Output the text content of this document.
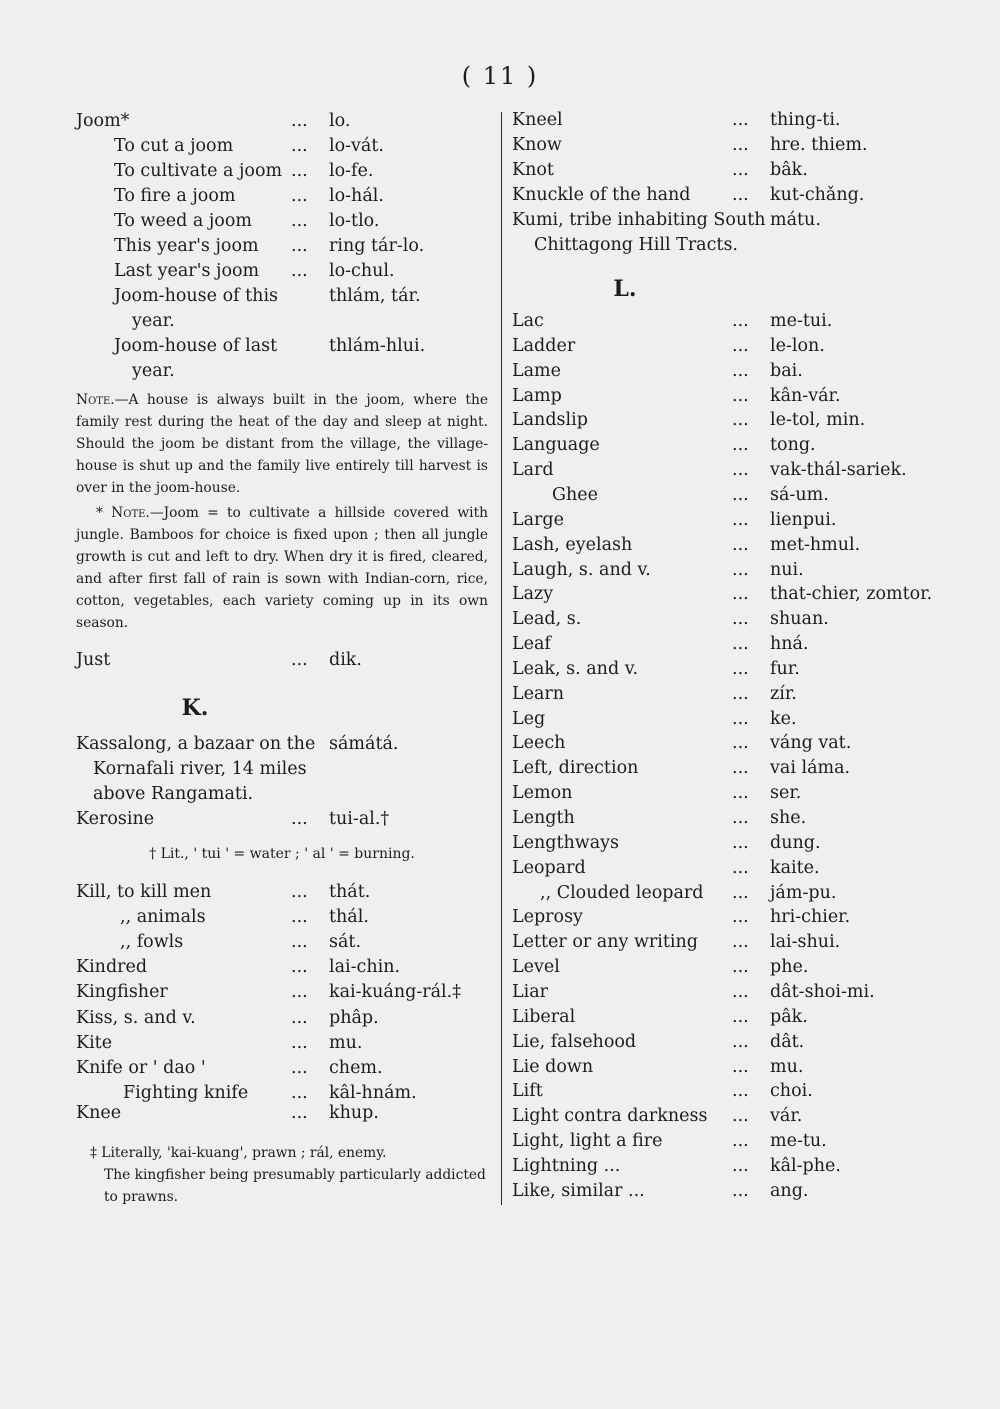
( 11 )
Joom*	... lo.
To cut a joom	... lo-vát.
To cultivate a joom ... lo-fe.
To fire a joom	... lo-hál.
To weed a joom ... lo-tlo.
This year's joom ... ring tár-lo.
Last year's joom ... lo-chul.
Joom-house of this	thlám, tár.
year.
Joom-house of last	thlám-hlui.
year.
Kill, to kill men	... thát.
,, animals	... thál.
,, fowls	... sát.
Kindred	... lai-chin.
Kingfisher	... kai-kuáng-rál.‡
Kiss, s. and v.	... phâp.
Kite	... mu.
Knife or ' dao '	... chem.
Fighting knife ... kâl-hnám.
Knee	... khup.
Kneel	... thing-ti.
Know	... hre. thiem.
Knot	... bâk.
Knuckle of the hand ... kut-chǎng.
Kumi, tribe inhabiting South mátu.
Chittagong Hill Tracts.
Lac	... me-tui.
Ladder	... le-lon.
Lame	... bai.
Lamp	... kân-vár.
Landslip	... le-tol, min.
Language	... tong.
Lard	... vak-thál-sariek.
Ghee	... sá-um.
Large	... lienpui.
Lash, eyelash	... met-hmul.
Laugh, s. and v.	... nui.
Lazy	... that-chier, zomtor.
Lead, s.	... shuan.
Leaf	... hná.
Leak, s. and v.	... fur.
Learn	... zír.
Leg	... ke.
Leech	... váng vat.
Left, direction	... vai láma.
Lemon	... ser.
Length	... she.
Lengthways	... dung.
Leopard	... kaite.
,, Clouded leopard ... jám-pu.
Leprosy	... hri-chier.
Letter or any writing ... lai-shui.
Level	... phe.
Liar	... dât-shoi-mi.
Liberal	... pâk.
Lie, falsehood	... dât.
Lie down	... mu.
Lift	... choi.
Light contra darkness ... vár.
Light, light a fire	... me-tu.
Lightning ...	... kâl-phe.
Like, similar ...	... ang.

Note.—A house is always built in the joom, where the family rest during the heat of the day and sleep at night. Should the joom be distant from the village, the village-house is shut up and the family live entirely till harvest is over in the joom-house.

* Note.—Joom = to cultivate a hillside covered with jungle. Bamboos for choice is fixed upon ; then all jungle growth is cut and left to dry. When dry it is fired, cleared, and after first fall of rain is sown with Indian-corn, rice, cotton, vegetables, each variety coming up in its own season.

K.
Kassalong, a bazaar on the sámátá.
Kornafali river, 14 miles
above Rangamati.
Kerosine	... tui-al.†
† Lit., ' tui ' = water ; ' al ' = burning.

‡ Literally, 'kai-kuang', prawn ; rál, enemy.

The kingfisher being presumably particularly addicted to prawns.

L.
Just	... dik.
